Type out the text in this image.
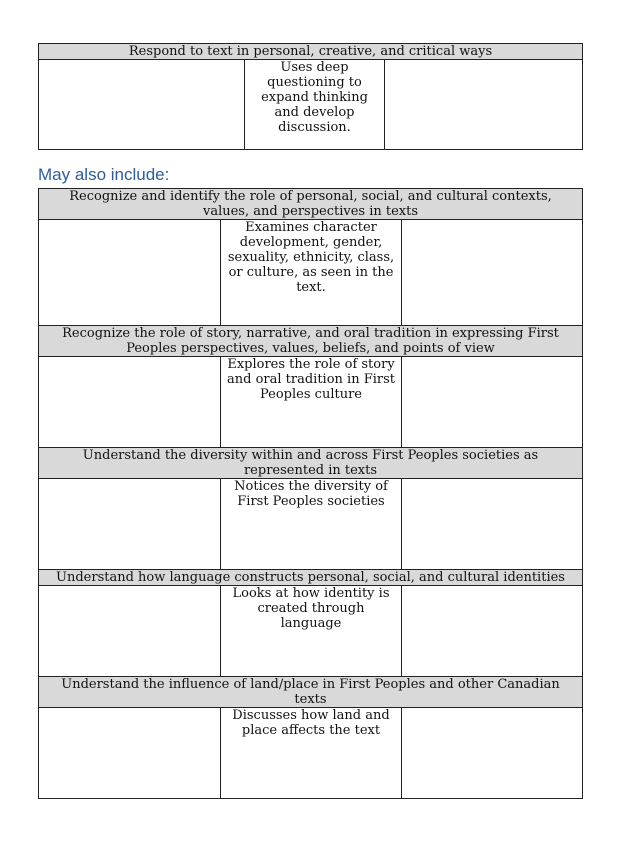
Respond to text in personal, creative, and critical ways
	Uses deep questioning to expand thinking and develop discussion.	
May also include:
Recognize and identify the role of personal, social, and cultural contexts, values, and perspectives in texts		
	Examines character development, gender, sexuality, ethnicity, class, or culture, as seen in the text.	
Recognize the role of story, narrative, and oral tradition in expressing First Peoples perspectives, values, beliefs, and points of view		
	Explores the role of story and oral tradition in First Peoples culture	
Understand the diversity within and across First Peoples societies as represented in texts		
	Notices the diversity of First Peoples societies	
Understand how language constructs personal, social, and cultural identities		
	Looks at how identity is created through language	
Understand the influence of land/place in First Peoples and other Canadian texts		
	Discusses how land and place affects the text	
